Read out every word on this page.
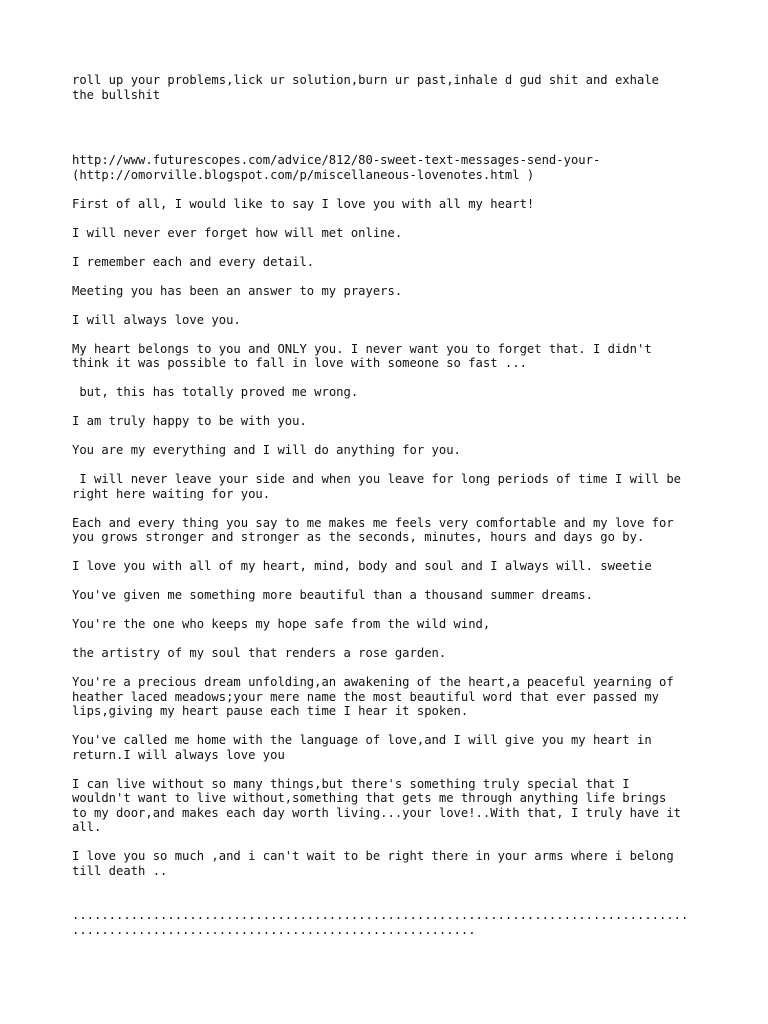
roll up your problems,lick ur solution,burn ur past,inhale d gud shit and exhale
the bullshit

http://www.futurescopes.com/advice/812/80-sweet-text-messages-send-your-
(http://omorville.blogspot.com/p/miscellaneous-lovenotes.html )

First of all, I would like to say I love you with all my heart!

I will never ever forget how will met online.

I remember each and every detail.

Meeting you has been an answer to my prayers.

I will always love you.

My heart belongs to you and ONLY you. I never want you to forget that. I didn't
think it was possible to fall in love with someone so fast ...

but, this has totally proved me wrong.

I am truly happy to be with you.

You are my everything and I will do anything for you.

I will never leave your side and when you leave for long periods of time I will be
right here waiting for you.

Each and every thing you say to me makes me feels very comfortable and my love for
you grows stronger and stronger as the seconds, minutes, hours and days go by.

I love you with all of my heart, mind, body and soul and I always will. sweetie

You've given me something more beautiful than a thousand summer dreams.

You're the one who keeps my hope safe from the wild wind,

the artistry of my soul that renders a rose garden.

You're a precious dream unfolding,an awakening of the heart,a peaceful yearning of
heather laced meadows;your mere name the most beautiful word that ever passed my
lips,giving my heart pause each time I hear it spoken.

You've called me home with the language of love,and I will give you my heart in
return.I will always love you

I can live without so many things,but there's something truly special that I
wouldn't want to live without,something that gets me through anything life brings
to my door,and makes each day worth living...your love!..With that, I truly have it
all.

I love you so much ,and i can't wait to be right there in your arms where i belong
till death ..

....................................................................................
.......................................................
